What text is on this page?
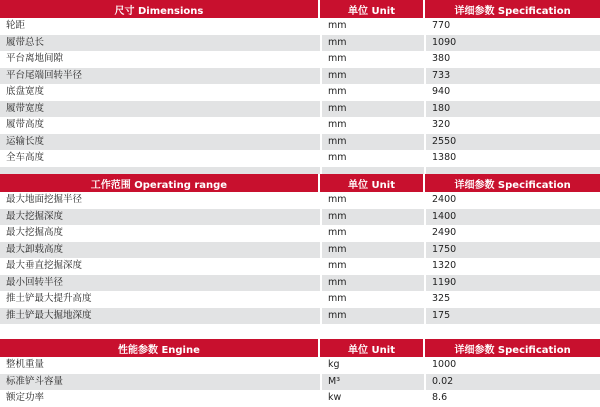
尺寸 Dimensions	单位 Unit	详细参数 Specification
轮距	mm	770
履带总长	mm	1090
平台离地间隙	mm	380
平台尾端回转半径	mm	733
底盘宽度	mm	940
履带宽度	mm	180
履带高度	mm	320
运输长度	mm	2550
全车高度	mm	1380
工作范围 Operating range	单位 Unit	详细参数 Specification
最大地面挖掘半径	mm	2400
最大挖掘深度	mm	1400
最大挖掘高度	mm	2490
最大卸载高度	mm	1750
最大垂直挖掘深度	mm	1320
最小回转半径	mm	1190
推土铲最大提升高度	mm	325
推土铲最大掘地深度	mm	175
性能参数 Engine	单位 Unit	详细参数 Specification
整机重量	kg	1000
标准铲斗容量	M³	0.02
额定功率	kw	8.6
